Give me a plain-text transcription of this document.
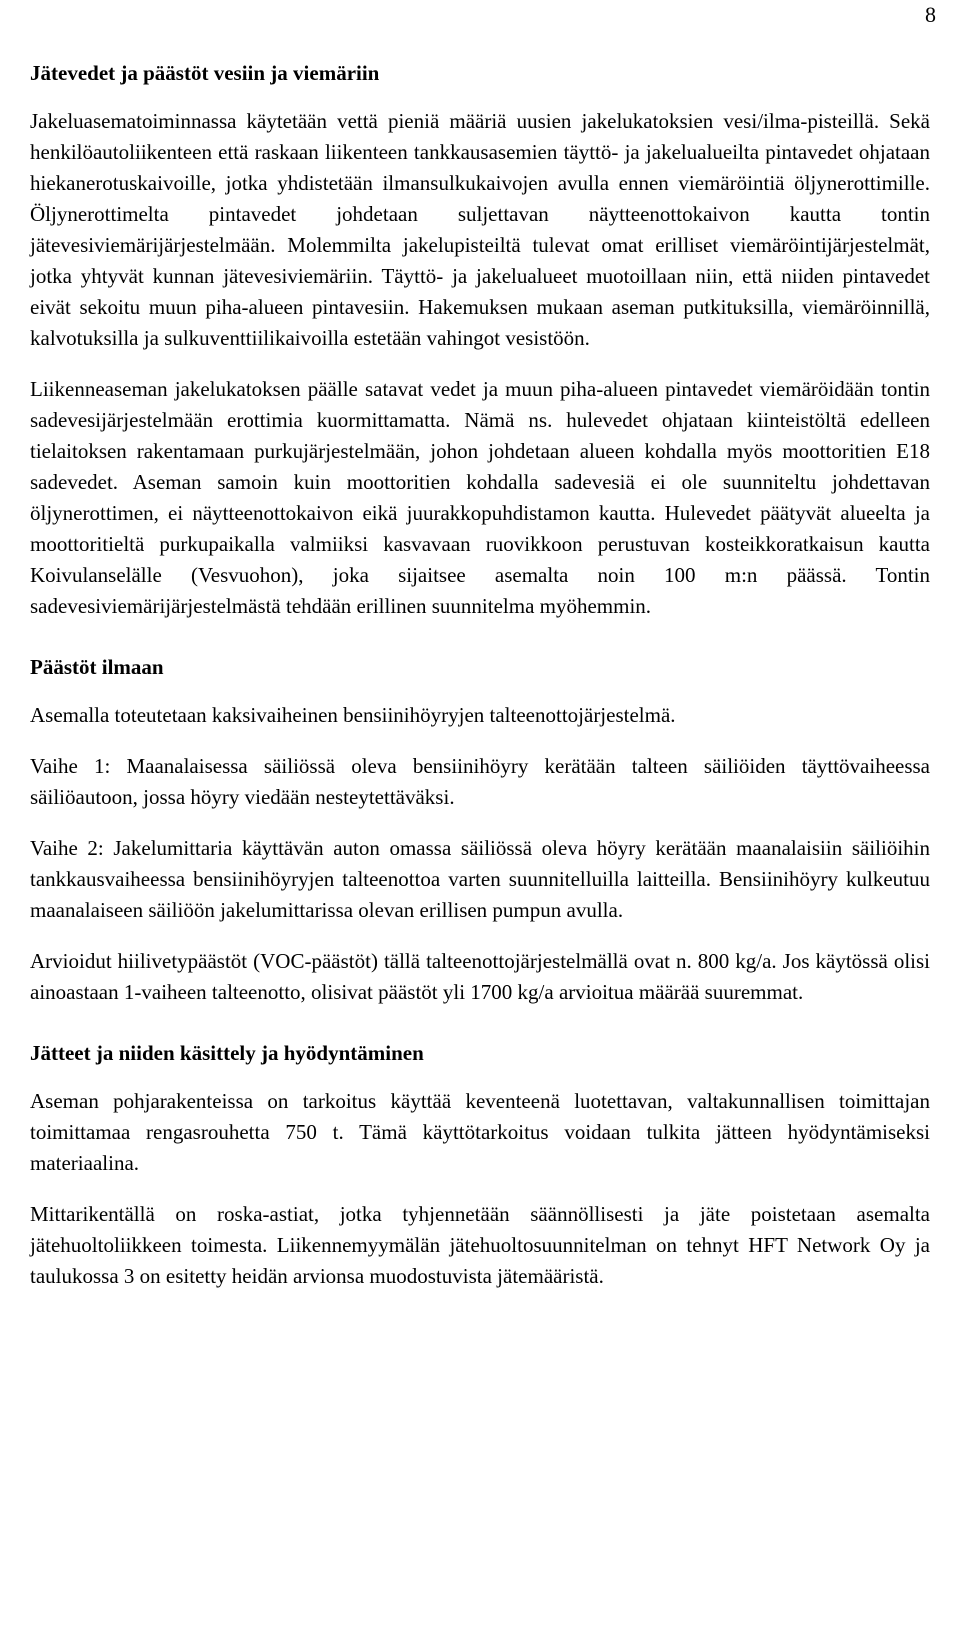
8
Jätevedet ja päästöt vesiin ja viemäriin

Jakeluasematoiminnassa käytetään vettä pieniä määriä uusien jakelukatoksien vesi/ilma-pisteillä. Sekä henkilöautoliikenteen että raskaan liikenteen tankkausasemien täyttö- ja jakelualueilta pintavedet ohjataan hiekanerotuskaivoille, jotka yhdistetään ilmansulkukaivojen avulla ennen viemäröintiä öljynerottimille. Öljynerottimelta pintavedet johdetaan suljettavan näytteenottokaivon kautta tontin jätevesiviemärijärjestelmään. Molemmilta jakelupisteiltä tulevat omat erilliset viemäröintijärjestelmät, jotka yhtyvät kunnan jätevesiviemäriin. Täyttö- ja jakelualueet muotoillaan niin, että niiden pintavedet eivät sekoitu muun piha-alueen pintavesiin. Hakemuksen mukaan aseman putkituksilla, viemäröinnillä, kalvotuksilla ja sulkuventtiilikaivoilla estetään vahingot vesistöön.

Liikenneaseman jakelukatoksen päälle satavat vedet ja muun piha-alueen pintavedet viemäröidään tontin sadevesijärjestelmään erottimia kuormittamatta. Nämä ns. hulevedet ohjataan kiinteistöltä edelleen tielaitoksen rakentamaan purkujärjestelmään, johon johdetaan alueen kohdalla myös moottoritien E18 sadevedet. Aseman samoin kuin moottoritien kohdalla sadevesiä ei ole suunniteltu johdettavan öljynerottimen, ei näytteenottokaivon eikä juurakkopuhdistamon kautta. Hulevedet päätyvät alueelta ja moottoritieltä purkupaikalla valmiiksi kasvavaan ruovikkoon perustuvan kosteikkoratkaisun kautta Koivulanselälle (Vesvuohon), joka sijaitsee asemalta noin 100 m:n päässä. Tontin sadevesiviemärijärjestelmästä tehdään erillinen suunnitelma myöhemmin.

Päästöt ilmaan

Asemalla toteutetaan kaksivaiheinen bensiinihöyryjen talteenottojärjestelmä.

Vaihe 1: Maanalaisessa säiliössä oleva bensiinihöyry kerätään talteen säiliöiden täyttövaiheessa säiliöautoon, jossa höyry viedään nesteytettäväksi.

Vaihe 2: Jakelumittaria käyttävän auton omassa säiliössä oleva höyry kerätään maanalaisiin säiliöihin tankkausvaiheessa bensiinihöyryjen talteenottoa varten suunnitelluilla laitteilla. Bensiinihöyry kulkeutuu maanalaiseen säiliöön jakelumittarissa olevan erillisen pumpun avulla.

Arvioidut hiilivetypäästöt (VOC-päästöt) tällä talteenottojärjestelmällä ovat n. 800 kg/a. Jos käytössä olisi ainoastaan 1-vaiheen talteenotto, olisivat päästöt yli 1700 kg/a arvioitua määrää suuremmat.

Jätteet ja niiden käsittely ja hyödyntäminen

Aseman pohjarakenteissa on tarkoitus käyttää keventeenä luotettavan, valtakunnallisen toimittajan toimittamaa rengasrouhetta 750 t. Tämä käyttötarkoitus voidaan tulkita jätteen hyödyntämiseksi materiaalina.

Mittarikentällä on roska-astiat, jotka tyhjennetään säännöllisesti ja jäte poistetaan asemalta jätehuoltoliikkeen toimesta. Liikennemyymälän jätehuoltosuunnitelman on tehnyt HFT Network Oy ja taulukossa 3 on esitetty heidän arvionsa muodostuvista jätemääristä.
